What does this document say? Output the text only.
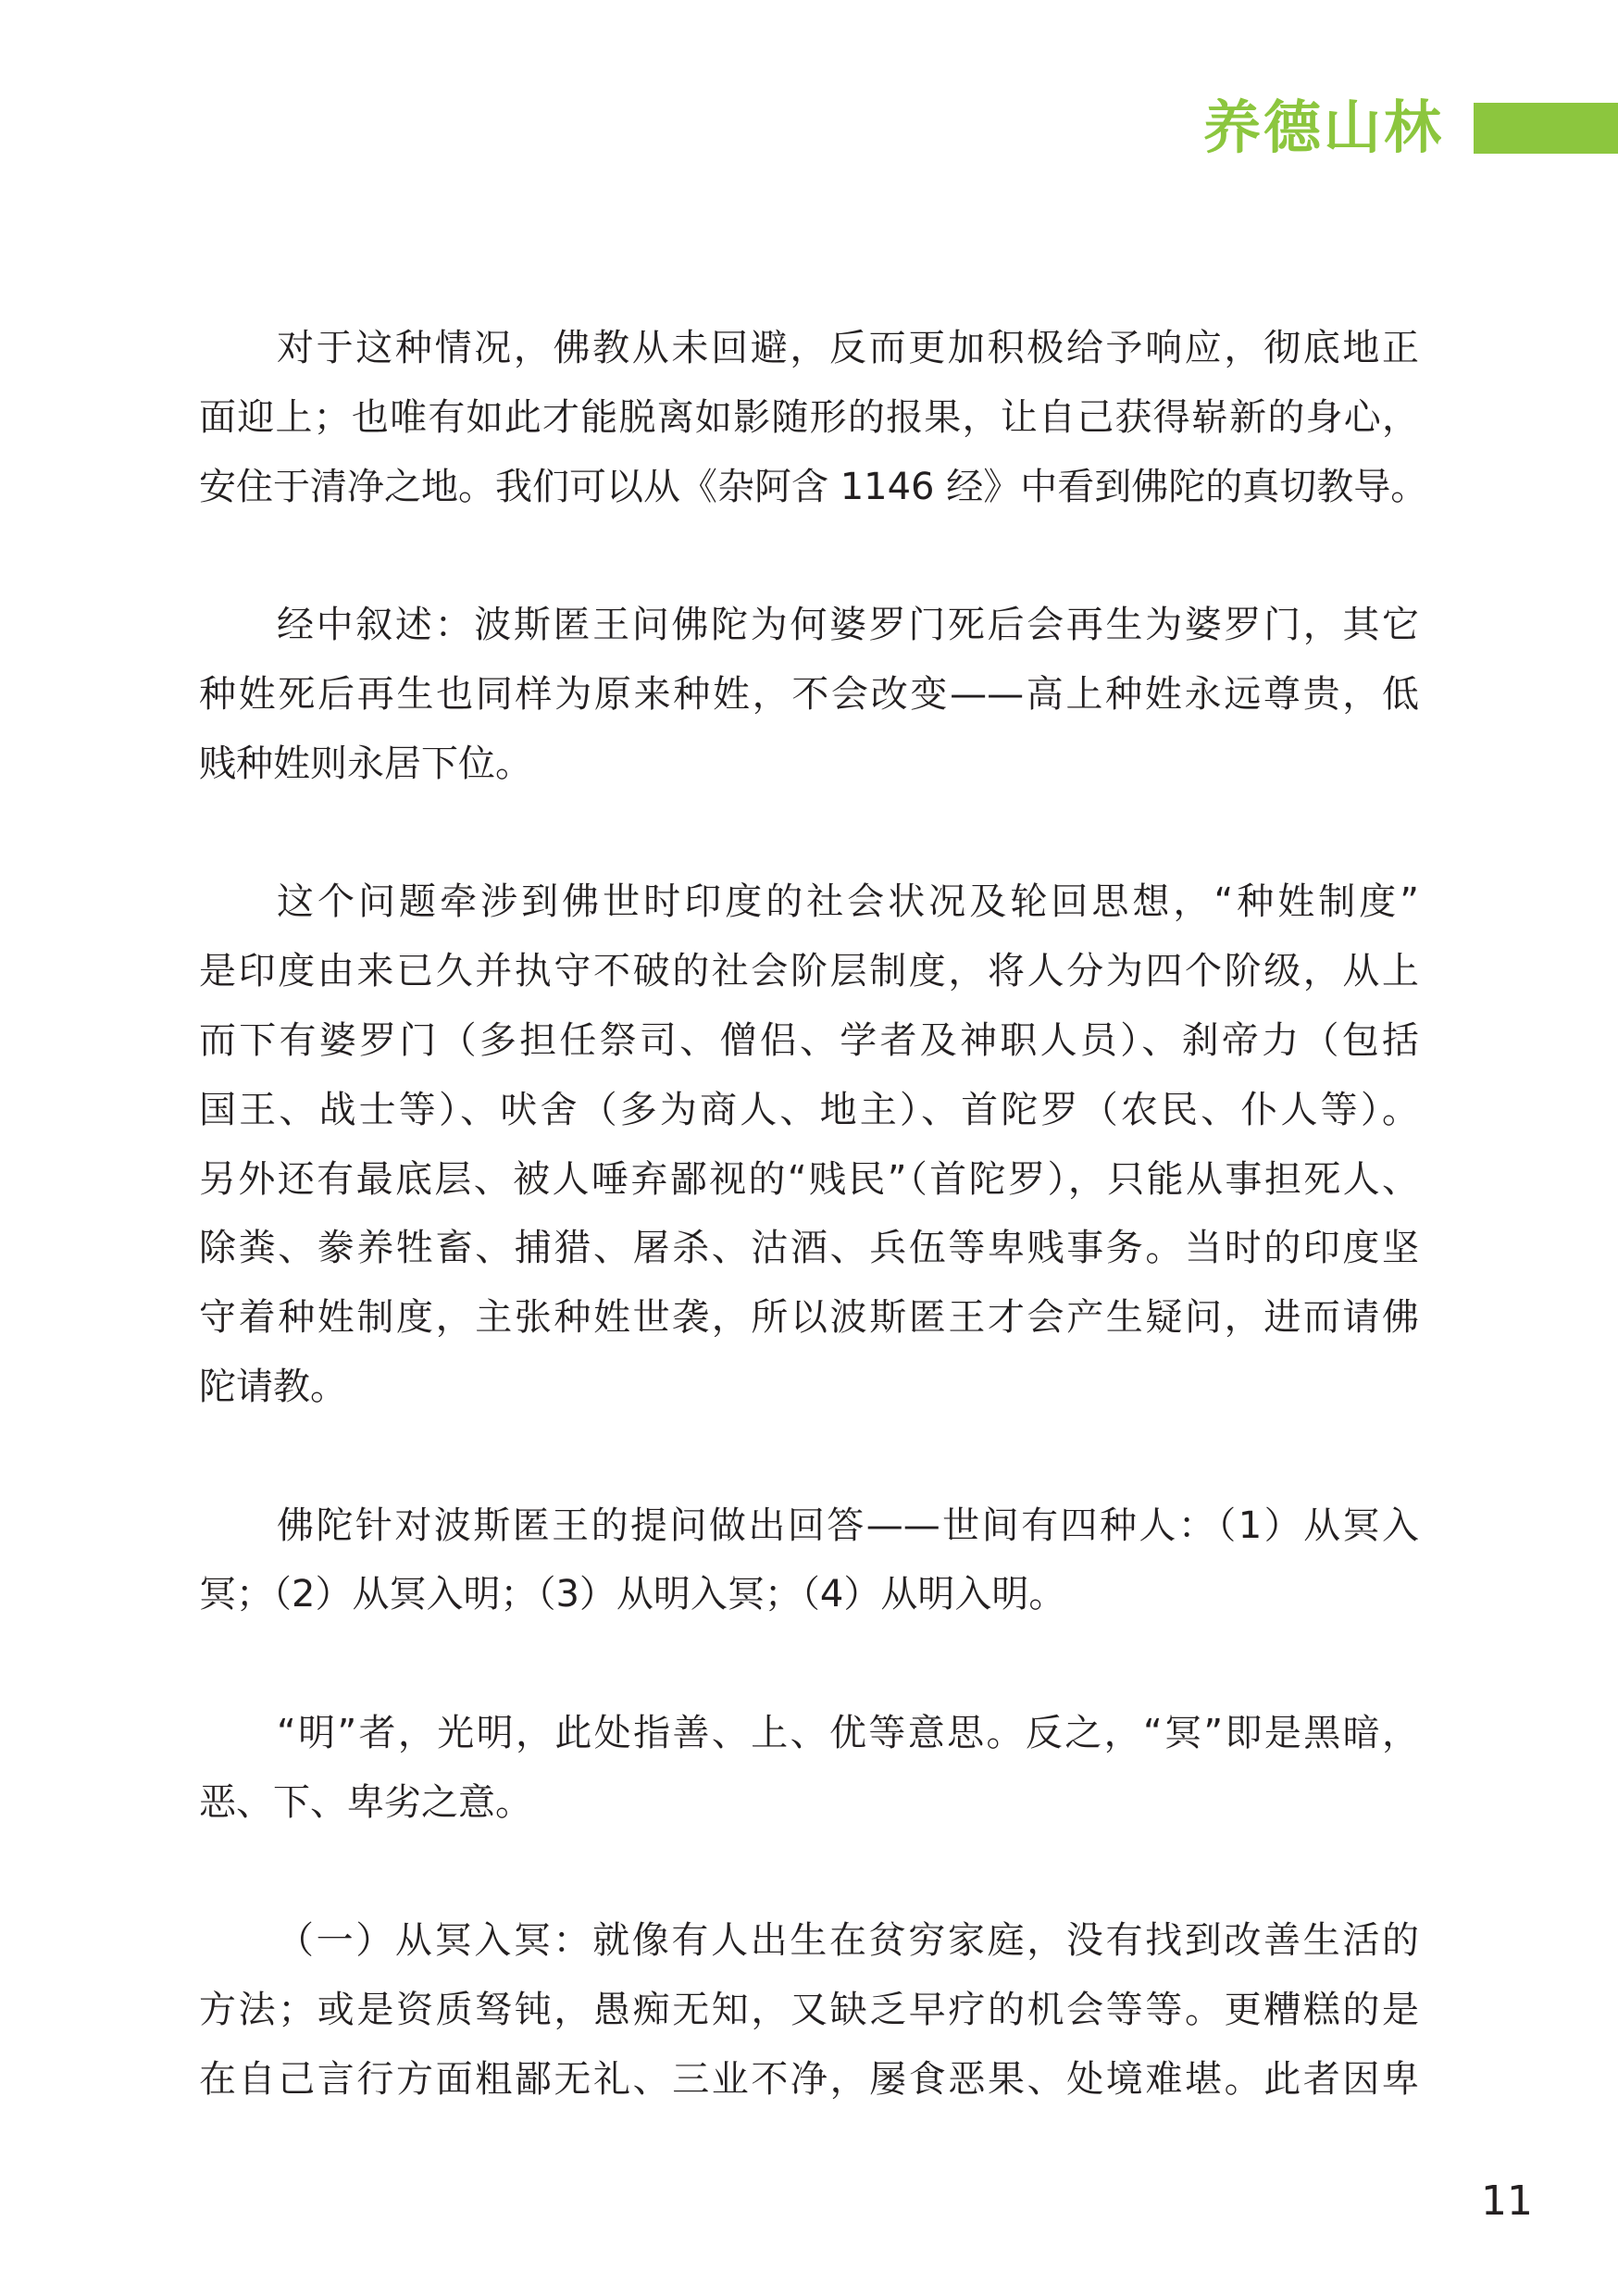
养德山林
对于这种情况，佛教从未回避，反而更加积极给予响应，彻底地正
面迎上；也唯有如此才能脱离如影随形的报果，让自己获得崭新的身心，
安住于清净之地。我们可以从《杂阿含 1146 经》中看到佛陀的真切教导。
经中叙述：波斯匿王问佛陀为何婆罗门死后会再生为婆罗门，其它
种姓死后再生也同样为原来种姓，不会改变——高上种姓永远尊贵，低
贱种姓则永居下位。
这个问题牵涉到佛世时印度的社会状况及轮回思想，“种姓制度”
是印度由来已久并执守不破的社会阶层制度，将人分为四个阶级，从上
而下有婆罗门（多担任祭司、僧侣、学者及神职人员）、刹帝力（包括
国王、战士等）、吠舍（多为商人、地主）、首陀罗（农民、仆人等）。
另外还有最底层、被人唾弃鄙视的“贱民”（首陀罗），只能从事担死人、
除粪、豢养牲畜、捕猎、屠杀、沽酒、兵伍等卑贱事务。当时的印度坚
守着种姓制度，主张种姓世袭，所以波斯匿王才会产生疑问，进而请佛
陀请教。
佛陀针对波斯匿王的提问做出回答——世间有四种人：（1）从冥入
冥；（2）从冥入明；（3）从明入冥；（4）从明入明。
“明”者，光明，此处指善、上、优等意思。反之，“冥”即是黑暗，
恶、下、卑劣之意。
（一）从冥入冥：就像有人出生在贫穷家庭，没有找到改善生活的
方法；或是资质驽钝，愚痴无知，又缺乏早疗的机会等等。更糟糕的是
在自己言行方面粗鄙无礼、三业不净，屡食恶果、处境难堪。此者因卑
11
